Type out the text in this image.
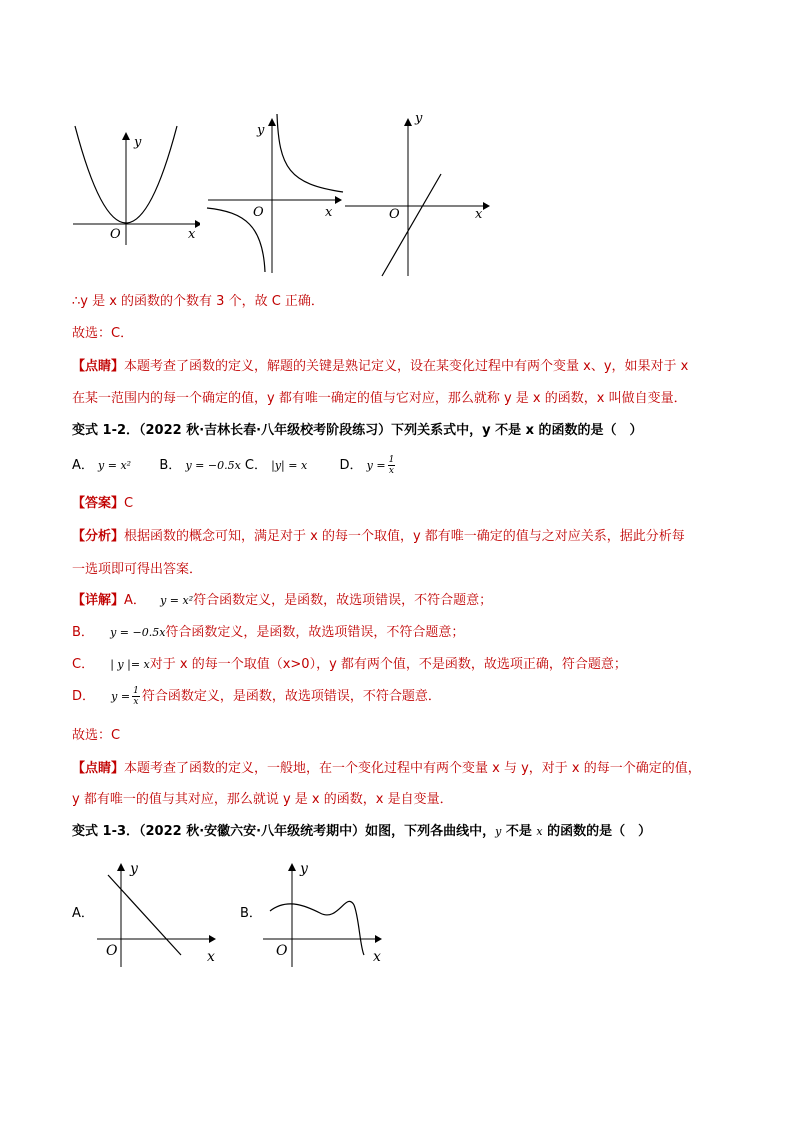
y
x
O
y
x
O
y
x
O
∴y 是 x 的函数的个数有 3 个，故 C 正确．
故选：C．
【点睛】本题考查了函数的定义，解题的关键是熟记定义，设在某变化过程中有两个变量 x、y，如果对于 x
在某一范围内的每一个确定的值，y 都有唯一确定的值与它对应，那么就称 y 是 x 的函数，x 叫做自变量．
变式 1-2．（2022 秋·吉林长春·八年级校考阶段练习）下列关系式中，y 不是 x 的函数的是（　）
A． y = x² B． y = −0.5x C． |y| = x D． $y = \frac{1}{x}$
【答案】C
【分析】根据函数的概念可知，满足对于 x 的每一个取值，y 都有唯一确定的值与之对应关系，据此分析每
一选项即可得出答案．
【详解】A． y = x²符合函数定义，是函数，故选项错误，不符合题意；
B． y = −0.5x符合函数定义，是函数，故选项错误，不符合题意；
C． | y |= x对于 x 的每一个取值（x>0），y 都有两个值，不是函数，故选项正确，符合题意；
D． $y = \frac{1}{x}$ 符合函数定义，是函数，故选项错误，不符合题意．
故选：C
【点睛】本题考查了函数的定义，一般地，在一个变化过程中有两个变量 x 与 y，对于 x 的每一个确定的值，
y 都有唯一的值与其对应，那么就说 y 是 x 的函数，x 是自变量．
变式 1-3．（2022 秋·安徽六安·八年级统考期中）如图，下列各曲线中，y 不是 x 的函数的是（　）
A．
y
x
O
B．
y
x
O
